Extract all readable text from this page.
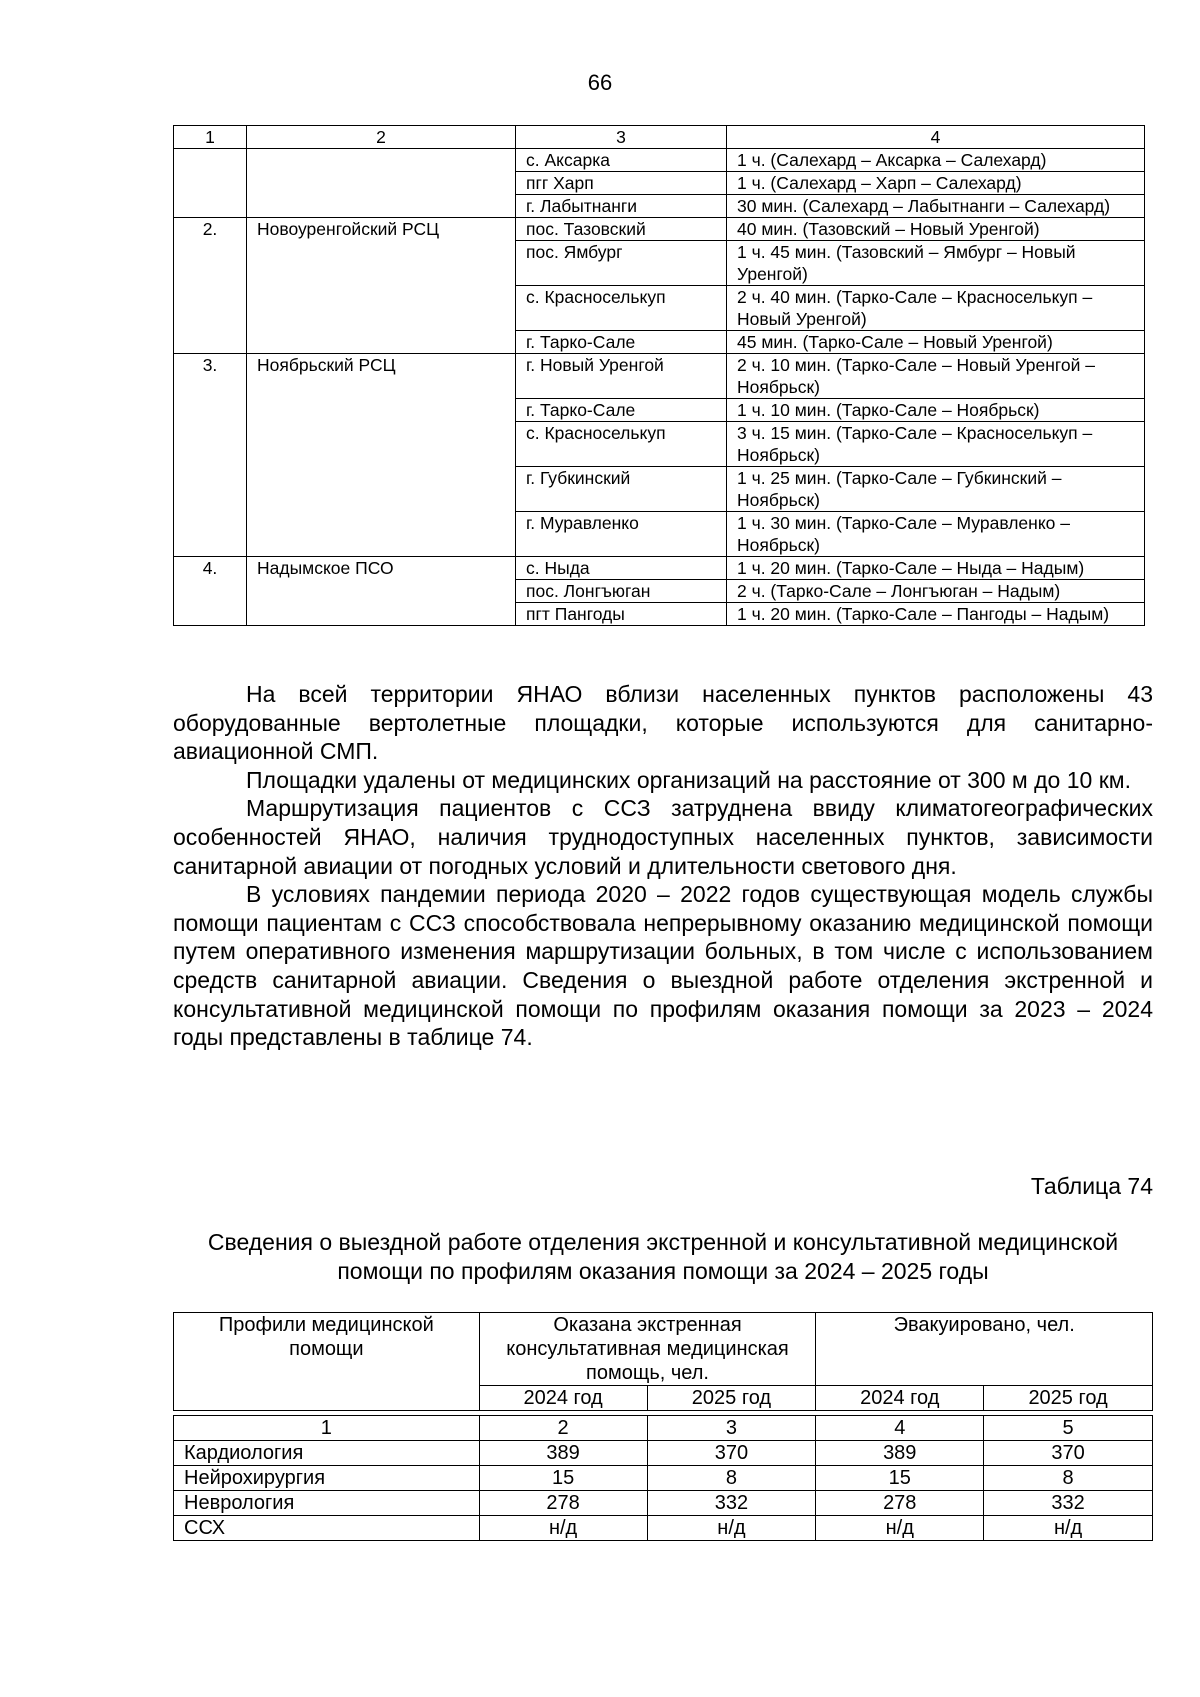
66
1	2	3	4
		с. Аксарка	1 ч. (Салехард – Аксарка – Салехард)
		пгг Харп	1 ч. (Салехард – Харп – Салехард)
		г. Лабытнанги	30 мин. (Салехард – Лабытнанги – Салехард)
2.	Новоуренгойский РСЦ	пос. Тазовский	40 мин. (Тазовский – Новый Уренгой)
		пос. Ямбург	1 ч. 45 мин. (Тазовский – Ямбург – Новый Уренгой)
		с. Красноселькуп	2 ч. 40 мин. (Тарко-Сале – Красноселькуп – Новый Уренгой)
		г. Тарко-Сале	45 мин. (Тарко-Сале – Новый Уренгой)
3.	Ноябрьский РСЦ	г. Новый Уренгой	2 ч. 10 мин. (Тарко-Сале – Новый Уренгой – Ноябрьск)
		г. Тарко-Сале	1 ч. 10 мин. (Тарко-Сале – Ноябрьск)
		с. Красноселькуп	3 ч. 15 мин. (Тарко-Сале – Красноселькуп – Ноябрьск)
		г. Губкинский	1 ч. 25 мин. (Тарко-Сале – Губкинский – Ноябрьск)
		г. Муравленко	1 ч. 30 мин. (Тарко-Сале – Муравленко – Ноябрьск)
4.	Надымское ПСО	с. Ныда	1 ч. 20 мин. (Тарко-Сале – Ныда – Надым)
		пос. Лонгъюган	2 ч. (Тарко-Сале – Лонгъюган – Надым)
		пгт Пангоды	1 ч. 20 мин. (Тарко-Сале – Пангоды – Надым)

На всей территории ЯНАО вблизи населенных пунктов расположены 43 оборудованные вертолетные площадки, которые используются для санитарно-авиационной СМП.

Площадки удалены от медицинских организаций на расстояние от 300 м до 10 км.

Маршрутизация пациентов с ССЗ затруднена ввиду климатогеографических особенностей ЯНАО, наличия труднодоступных населенных пунктов, зависимости санитарной авиации от погодных условий и длительности светового дня.

В условиях пандемии периода 2020 – 2022 годов существующая модель службы помощи пациентам с ССЗ способствовала непрерывному оказанию медицинской помощи путем оперативного изменения маршрутизации больных, в том числе с использованием средств санитарной авиации. Сведения о выездной работе отделения экстренной и консультативной медицинской помощи по профилям оказания помощи за 2023 – 2024 годы представлены в таблице 74.

Таблица 74
Сведения о выездной работе отделения экстренной и консультативной медицинской помощи по профилям оказания помощи за 2024 – 2025 годы
Профили медицинской помощи	Оказана экстренная консультативная медицинская помощь, чел.		Эвакуировано, чел.	
	2024 год	2025 год	2024 год	2025 год

1	2	3	4	5
Кардиология	389	370	389	370
Нейрохирургия	15	8	15	8
Неврология	278	332	278	332
ССХ	н/д	н/д	н/д	н/д
